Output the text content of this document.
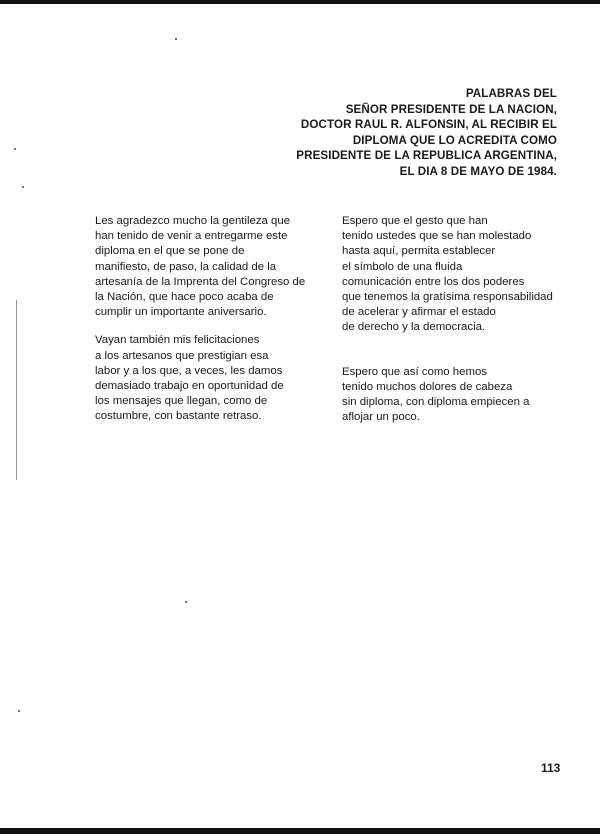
PALABRAS DEL
SEÑOR PRESIDENTE DE LA NACION,
DOCTOR RAUL R. ALFONSIN, AL RECIBIR EL
DIPLOMA QUE LO ACREDITA COMO
PRESIDENTE DE LA REPUBLICA ARGENTINA,
EL DIA 8 DE MAYO DE 1984.

Les agradezco mucho la gentileza que
han tenido de venir a entregarme este
diploma en el que se pone de
manifiesto, de paso, la calidad de la
artesanía de la Imprenta del Congreso de
la Nación, que hace poco acaba de
cumplir un importante aniversario.

Vayan también mis felicitaciones
a los artesanos que prestigian esa
labor y a los que, a veces, les damos
demasiado trabajo en oportunidad de
los mensajes que llegan, como de
costumbre, con bastante retraso.

Espero que el gesto que han
tenido ustedes que se han molestado
hasta aquí, permita establecer
el símbolo de una fluida
comunicación entre los dos poderes
que tenemos la gratísima responsabilidad
de acelerar y afirmar el estado
de derecho y la democracia.

Espero que así como hemos
tenido muchos dolores de cabeza
sin diploma, con diploma empiecen a
aflojar un poco.

113
